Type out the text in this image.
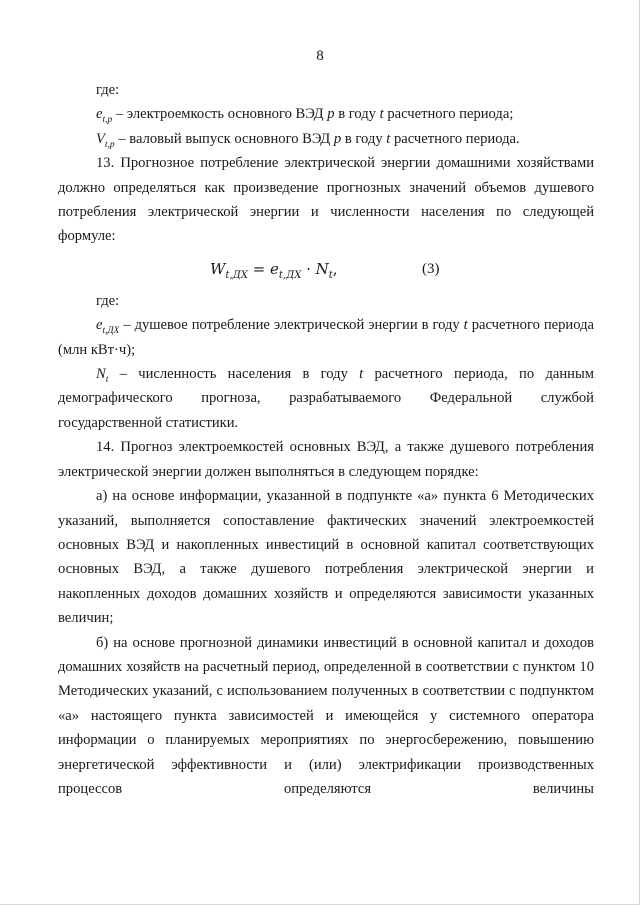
8

где:

$e_{t,p}$ – электроемкость основного ВЭД p в году t расчетного периода;

$V_{t,p}$ – валовый выпуск основного ВЭД p в году t расчетного периода.

13. Прогнозное потребление электрической энергии домашними хозяйствами должно определяться как произведение прогнозных значений объемов душевого потребления электрической энергии и численности населения по следующей формуле:

$W_{t,ДХ} = e_{t,ДХ} \cdot N_t$,	(3)

где:

$e_{t,ДХ}$ – душевое потребление электрической энергии в году t расчетного периода (млн кВт·ч);

$N_t$ – численность населения в году t расчетного периода, по данным демографического прогноза, разрабатываемого Федеральной службой государственной статистики.

14. Прогноз электроемкостей основных ВЭД, а также душевого потребления электрической энергии должен выполняться в следующем порядке:

а) на основе информации, указанной в подпункте «а» пункта 6 Методических указаний, выполняется сопоставление фактических значений электроемкостей основных ВЭД и накопленных инвестиций в основной капитал соответствующих основных ВЭД, а также душевого потребления электрической энергии и накопленных доходов домашних хозяйств и определяются зависимости указанных величин;

б) на основе прогнозной динамики инвестиций в основной капитал и доходов домашних хозяйств на расчетный период, определенной в соответствии с пунктом 10 Методических указаний, с использованием полученных в соответствии с подпунктом «а» настоящего пункта зависимостей и имеющейся у системного оператора информации о планируемых мероприятиях по энергосбережению, повышению энергетической эффективности и (или) электрификации производственных процессов определяются величины
